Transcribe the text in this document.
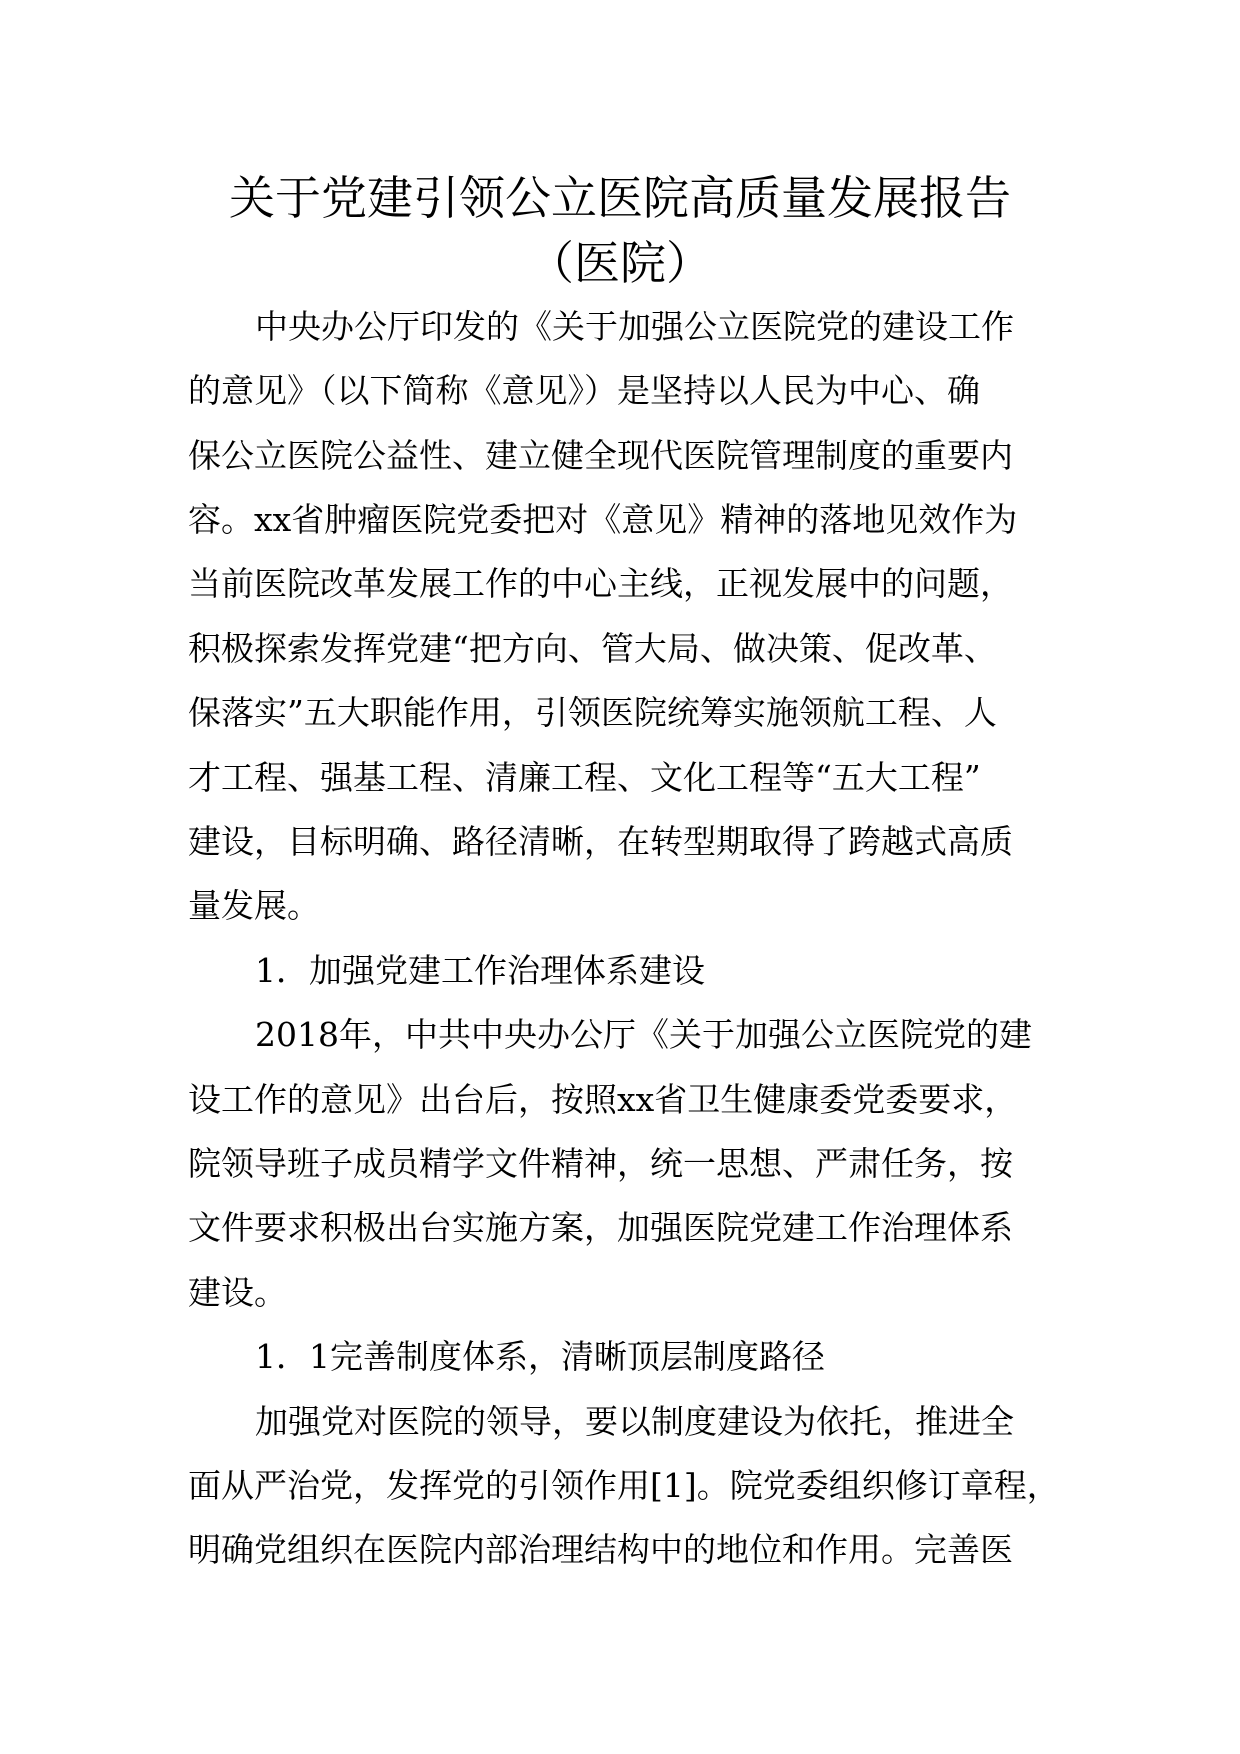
关于党建引领公立医院高质量发展报告
（医院）

中央办公厅印发的《关于加强公立医院党的建设工作

的意见》（以下简称《意见》）是坚持以人民为中心、确

保公立医院公益性、建立健全现代医院管理制度的重要内

容。xx省肿瘤医院党委把对《意见》精神的落地见效作为

当前医院改革发展工作的中心主线，正视发展中的问题，

积极探索发挥党建“把方向、管大局、做决策、促改革、

保落实”五大职能作用，引领医院统筹实施领航工程、人

才工程、强基工程、清廉工程、文化工程等“五大工程”

建设，目标明确、路径清晰，在转型期取得了跨越式高质

量发展。

1．加强党建工作治理体系建设

2018年，中共中央办公厅《关于加强公立医院党的建

设工作的意见》出台后，按照xx省卫生健康委党委要求，

院领导班子成员精学文件精神，统一思想、严肃任务，按

文件要求积极出台实施方案，加强医院党建工作治理体系

建设。

1．1完善制度体系，清晰顶层制度路径

加强党对医院的领导，要以制度建设为依托，推进全

面从严治党，发挥党的引领作用[1]。院党委组织修订章程，

明确党组织在医院内部治理结构中的地位和作用。完善医
